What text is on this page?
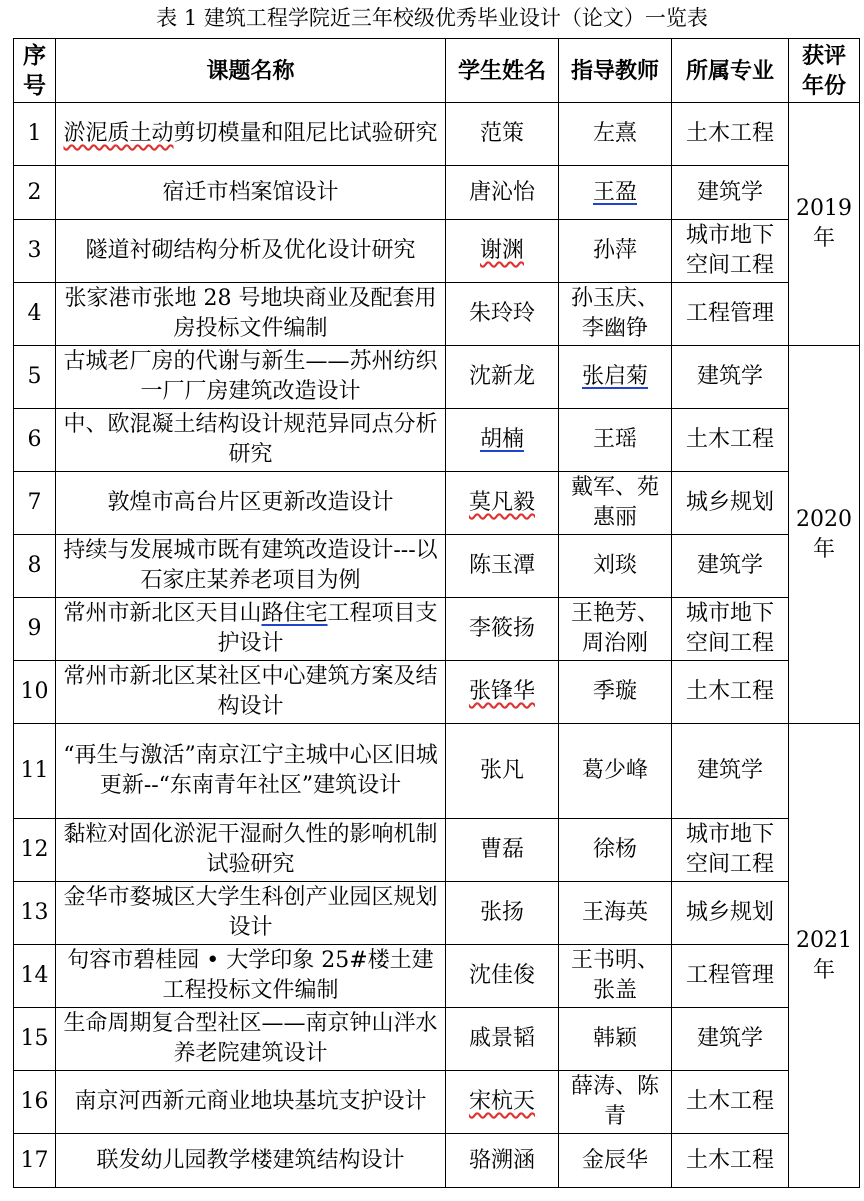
表 1 建筑工程学院近三年校级优秀毕业设计（论文）一览表
序号	课题名称	学生姓名	指导教师	所属专业	获评年份
1	淤泥质土动剪切模量和阻尼比试验研究	范策	左熹	土木工程	2019年
2	宿迁市档案馆设计	唐沁怡	王盈	建筑学	
3	隧道衬砌结构分析及优化设计研究	谢渊	孙萍	城市地下空间工程	
4	张家港市张地 28 号地块商业及配套用房投标文件编制	朱玲玲	孙玉庆、李幽铮	工程管理	
5	古城老厂房的代谢与新生——苏州纺织一厂厂房建筑改造设计	沈新龙	张启菊	建筑学	2020年
6	中、欧混凝土结构设计规范异同点分析研究	胡楠	王瑶	土木工程	
7	敦煌市高台片区更新改造设计	莫凡毅	戴军、苑惠丽	城乡规划	
8	持续与发展城市既有建筑改造设计---以石家庄某养老项目为例	陈玉潭	刘琰	建筑学	
9	常州市新北区天目山路住宅工程项目支护设计	李筱扬	王艳芳、周治刚	城市地下空间工程	
10	常州市新北区某社区中心建筑方案及结构设计	张锋华	季璇	土木工程	
11	“再生与激活”南京江宁主城中心区旧城更新--“东南青年社区”建筑设计	张凡	葛少峰	建筑学	2021年
12	黏粒对固化淤泥干湿耐久性的影响机制试验研究	曹磊	徐杨	城市地下空间工程	
13	金华市婺城区大学生科创产业园区规划设计	张扬	王海英	城乡规划	
14	句容市碧桂园 • 大学印象 25#楼土建工程投标文件编制	沈佳俊	王书明、张盖	工程管理	
15	生命周期复合型社区——南京钟山泮水养老院建筑设计	戚景韬	韩颖	建筑学	
16	南京河西新元商业地块基坑支护设计	宋杭天	薛涛、陈青	土木工程	
17	联发幼儿园教学楼建筑结构设计	骆溯涵	金辰华	土木工程	
